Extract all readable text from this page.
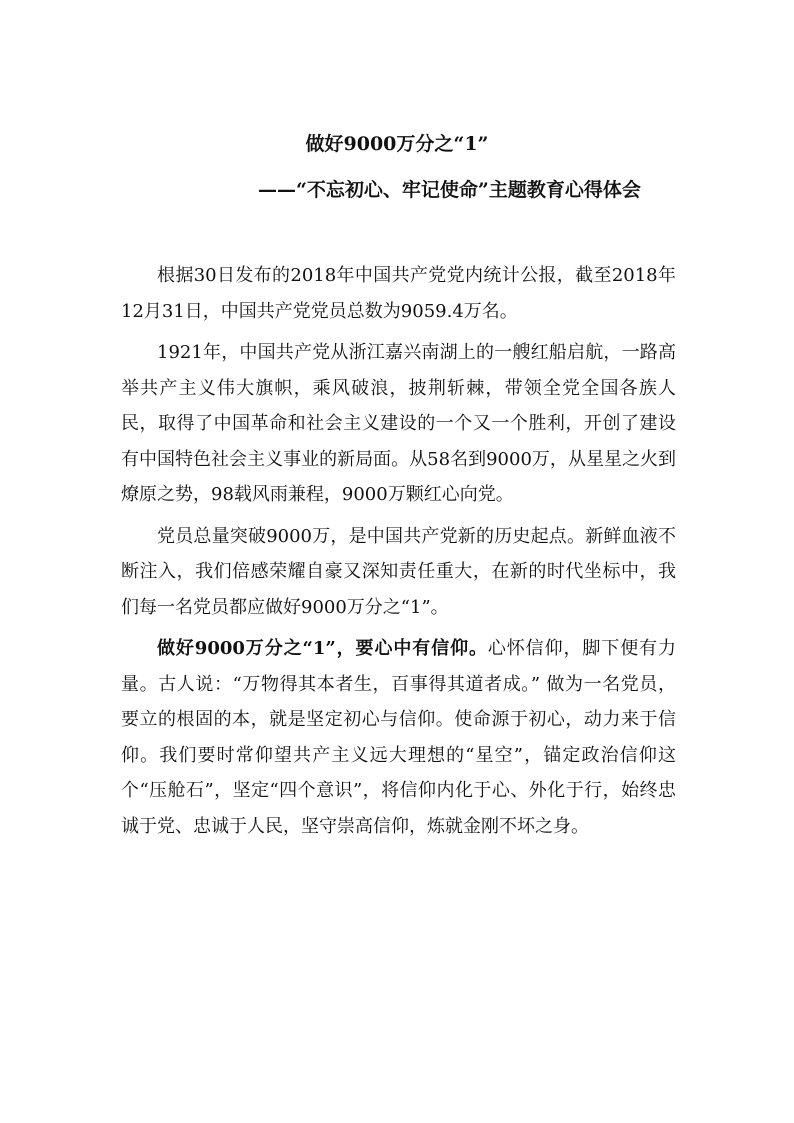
做好9000万分之“1”
——“不忘初心、牢记使命”主题教育心得体会

根据30日发布的2018年中国共产党党内统计公报，截至2018年12月31日，中国共产党党员总数为9059.4万名。

1921年，中国共产党从浙江嘉兴南湖上的一艘红船启航，一路高举共产主义伟大旗帜，乘风破浪，披荆斩棘，带领全党全国各族人民，取得了中国革命和社会主义建设的一个又一个胜利，开创了建设有中国特色社会主义事业的新局面。从58名到9000万，从星星之火到燎原之势，98载风雨兼程，9000万颗红心向党。

党员总量突破9000万，是中国共产党新的历史起点。新鲜血液不断注入，我们倍感荣耀自豪又深知责任重大，在新的时代坐标中，我们每一名党员都应做好9000万分之“1”。

做好9000万分之“1”，要心中有信仰。心怀信仰，脚下便有力量。古人说：“万物得其本者生，百事得其道者成。” 做为一名党员，要立的根固的本，就是坚定初心与信仰。使命源于初心，动力来于信仰。我们要时常仰望共产主义远大理想的“星空”，锚定政治信仰这个“压舱石”，坚定“四个意识”，将信仰内化于心、外化于行，始终忠诚于党、忠诚于人民，坚守崇高信仰，炼就金刚不坏之身。
